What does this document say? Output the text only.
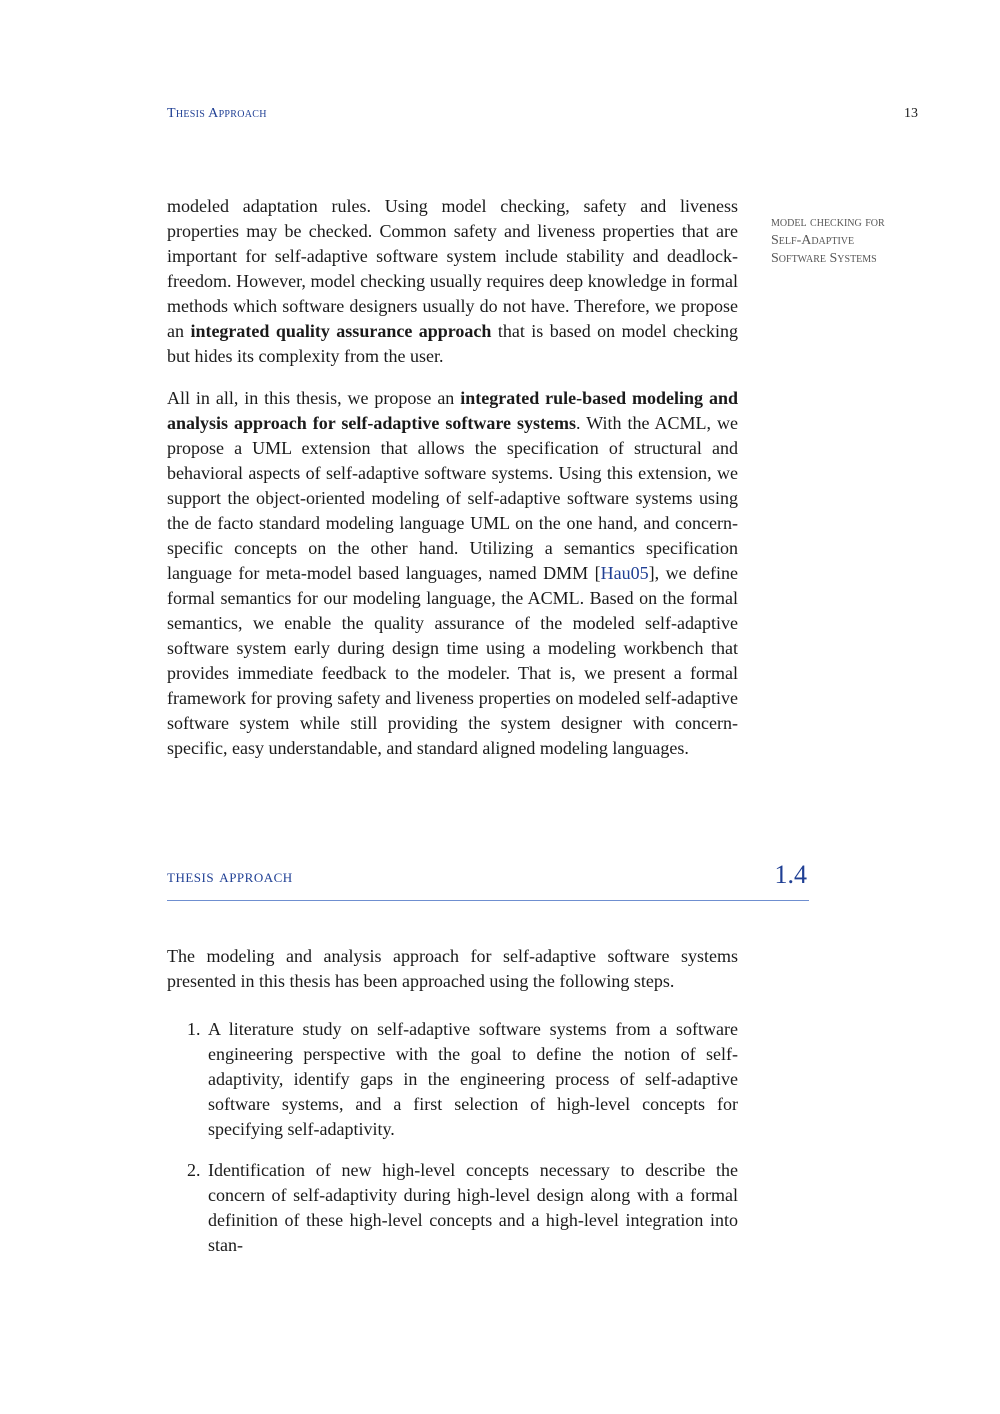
Thesis Approach	13
model checking for
Self-Adaptive
Software Systems

modeled adaptation rules. Using model checking, safety and liveness properties may be checked. Common safety and liveness properties that are important for self-adaptive software system include stability and deadlock-freedom. However, model checking usually requires deep knowledge in formal methods which software designers usually do not have. Therefore, we propose an integrated quality assurance approach that is based on model checking but hides its complexity from the user.

All in all, in this thesis, we propose an integrated rule-based modeling and analysis approach for self-adaptive software systems. With the ACML, we propose a UML extension that allows the specification of structural and behavioral aspects of self-adaptive software systems. Using this extension, we support the object-oriented modeling of self-adaptive software systems using the de facto standard modeling language UML on the one hand, and concern-specific concepts on the other hand. Utilizing a semantics specification language for meta-model based languages, named DMM [Hau05], we define formal semantics for our modeling language, the ACML. Based on the formal semantics, we enable the quality assurance of the modeled self-adaptive software system early during design time using a modeling workbench that provides immediate feedback to the modeler. That is, we present a formal framework for proving safety and liveness properties on modeled self-adaptive software system while still providing the system designer with concern-specific, easy understandable, and standard aligned modeling languages.

thesis approach	1.4

The modeling and analysis approach for self-adaptive software systems presented in this thesis has been approached using the following steps.

1. A literature study on self-adaptive software systems from a software engineering perspective with the goal to define the notion of self-adaptivity, identify gaps in the engineering process of self-adaptive software systems, and a first selection of high-level concepts for specifying self-adaptivity.
2. Identification of new high-level concepts necessary to describe the concern of self-adaptivity during high-level design along with a formal definition of these high-level concepts and a high-level integration into stan-
